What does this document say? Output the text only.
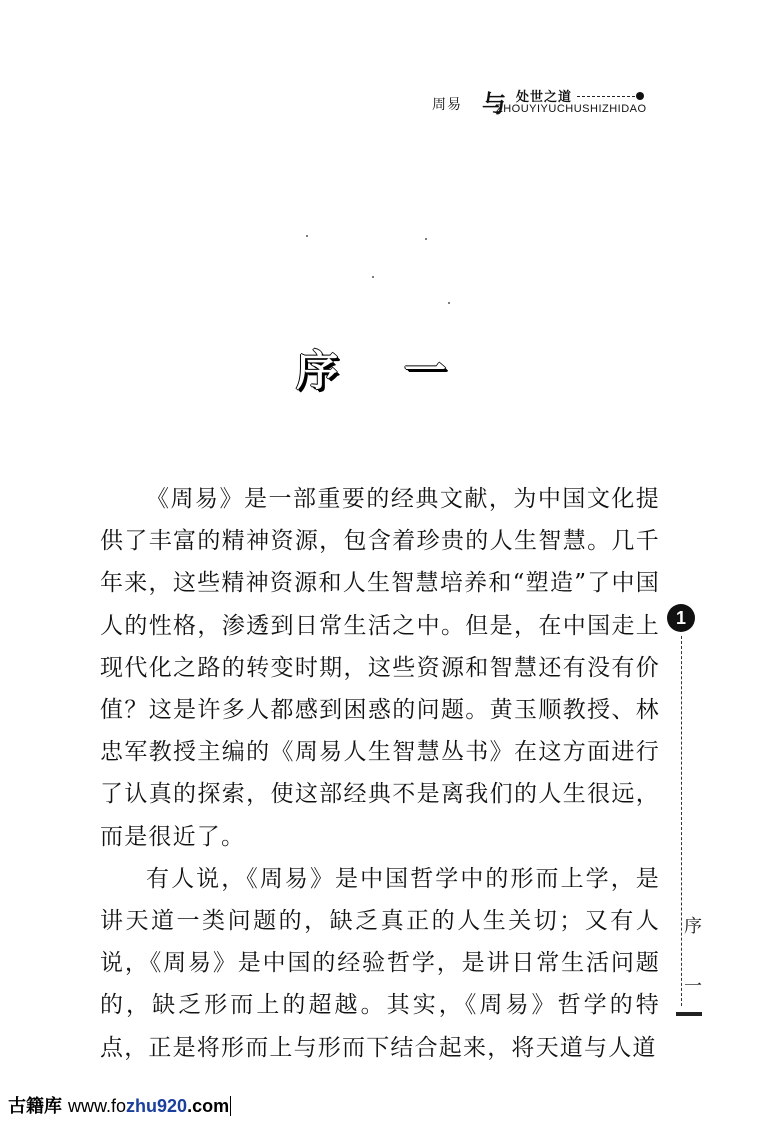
周易 与 处世之道
ZHOUYIYUCHUSHIZHIDAO
序 一

《周易》是一部重要的经典文献，为中国文化提供了丰富的精神资源，包含着珍贵的人生智慧。几千年来，这些精神资源和人生智慧培养和“塑造”了中国人的性格，渗透到日常生活之中。但是，在中国走上现代化之路的转变时期，这些资源和智慧还有没有价值？这是许多人都感到困惑的问题。黄玉顺教授、林忠军教授主编的《周易人生智慧丛书》在这方面进行了认真的探索，使这部经典不是离我们的人生很远，而是很近了。

有人说，《周易》是中国哲学中的形而上学，是讲天道一类问题的，缺乏真正的人生关切；又有人说，《周易》是中国的经验哲学，是讲日常生活问题的，缺乏形而上的超越。其实，《周易》哲学的特点，正是将形而上与形而下结合起来，将天道与人道

1
序
一
古籍库 www.fozhu920.com
